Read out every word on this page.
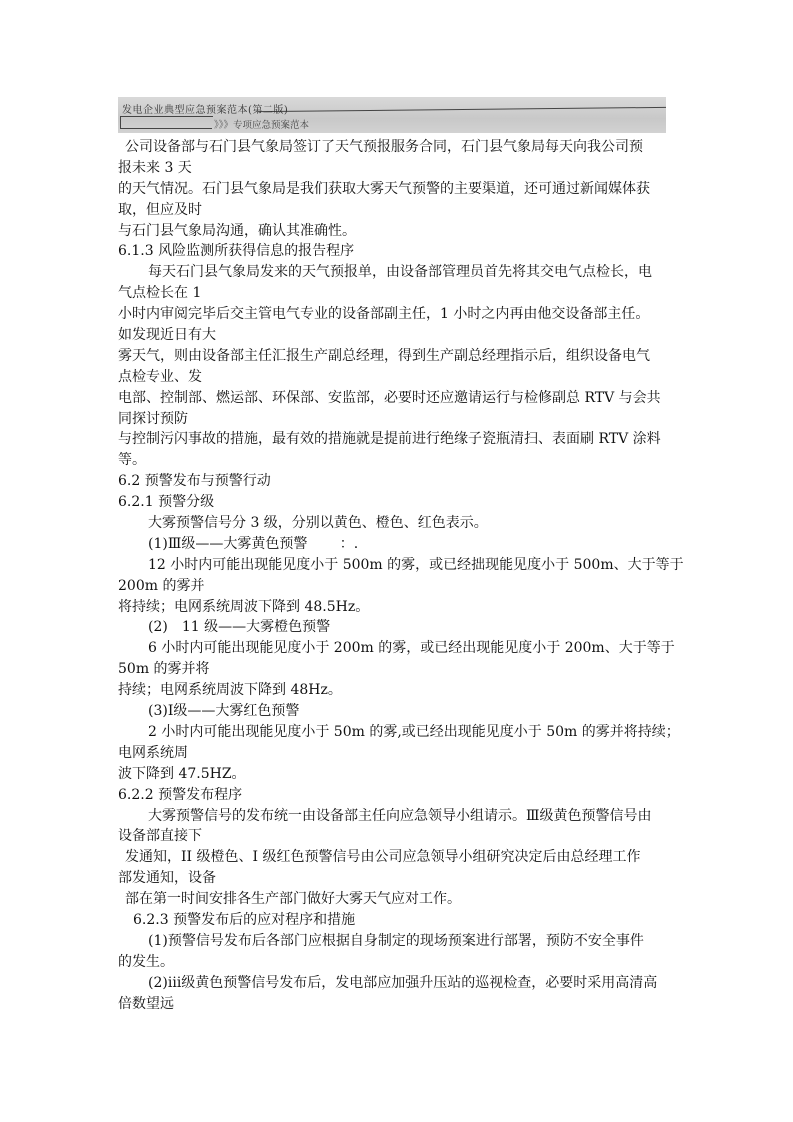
发电企业典型应急预案范本(第二版)
》》》专项应急预案范本
公司设备部与石门县气象局签订了天气预报服务合同，石门县气象局每天向我公司预
报未来 3 天
的天气情况。石门县气象局是我们获取大雾天气预警的主要渠道，还可通过新闻媒体获
取，但应及时
与石门县气象局沟通，确认其准确性。
6.1.3 风险监测所获得信息的报告程序
每天石门县气象局发来的天气预报单，由设备部管理员首先将其交电气点检长，电
气点检长在 1
小时内审阅完毕后交主管电气专业的设备部副主任，1 小时之内再由他交设备部主任。
如发现近日有大
雾天气，则由设备部主任汇报生产副总经理，得到生产副总经理指示后，组织设备电气
点检专业、发
电部、控制部、燃运部、环保部、安监部，必要时还应邀请运行与检修副总 RTV 与会共
同探讨预防
与控制污闪事故的措施，最有效的措施就是提前进行绝缘子瓷瓶清扫、表面刷 RTV 涂料
等。
6.2 预警发布与预警行动
6.2.1 预警分级
大雾预警信号分 3 级，分别以黄色、橙色、红色表示。
(1)Ⅲ级——大雾黄色预警　　 ：.
12 小时内可能出现能见度小于 500m 的雾，或已经拙现能见度小于 500m、大于等于
200m 的雾并
将持续；电网系统周波下降到 48.5Hz。
(2)　11 级——大雾橙色预警
6 小时内可能出现能见度小于 200m 的雾，或已经出现能见度小于 200m、大于等于
50m 的雾并将
持续；电网系统周波下降到 48Hz。
(3)Ⅰ级——大雾红色预警
2 小时内可能出现能见度小于 50m 的雾,或已经出现能见度小于 50m 的雾并将持续；
电网系统周
波下降到 47.5HZ。
6.2.2 预警发布程序
大雾预警信号的发布统一由设备部主任向应急领导小组请示。Ⅲ级黄色预警信号由
设备部直接下
发通知，II 级橙色、I 级红色预警信号由公司应急领导小组研究决定后由总经理工作
部发通知，设备
部在第一时间安排各生产部门做好大雾天气应对工作。
6.2.3 预警发布后的应对程序和措施
(1)预警信号发布后各部门应根据自身制定的现场预案进行部署，预防不安全事件
的发生。
(2)ⅲ级黄色预警信号发布后，发电部应加强升压站的巡视检查，必要时采用高清高
倍数望远
